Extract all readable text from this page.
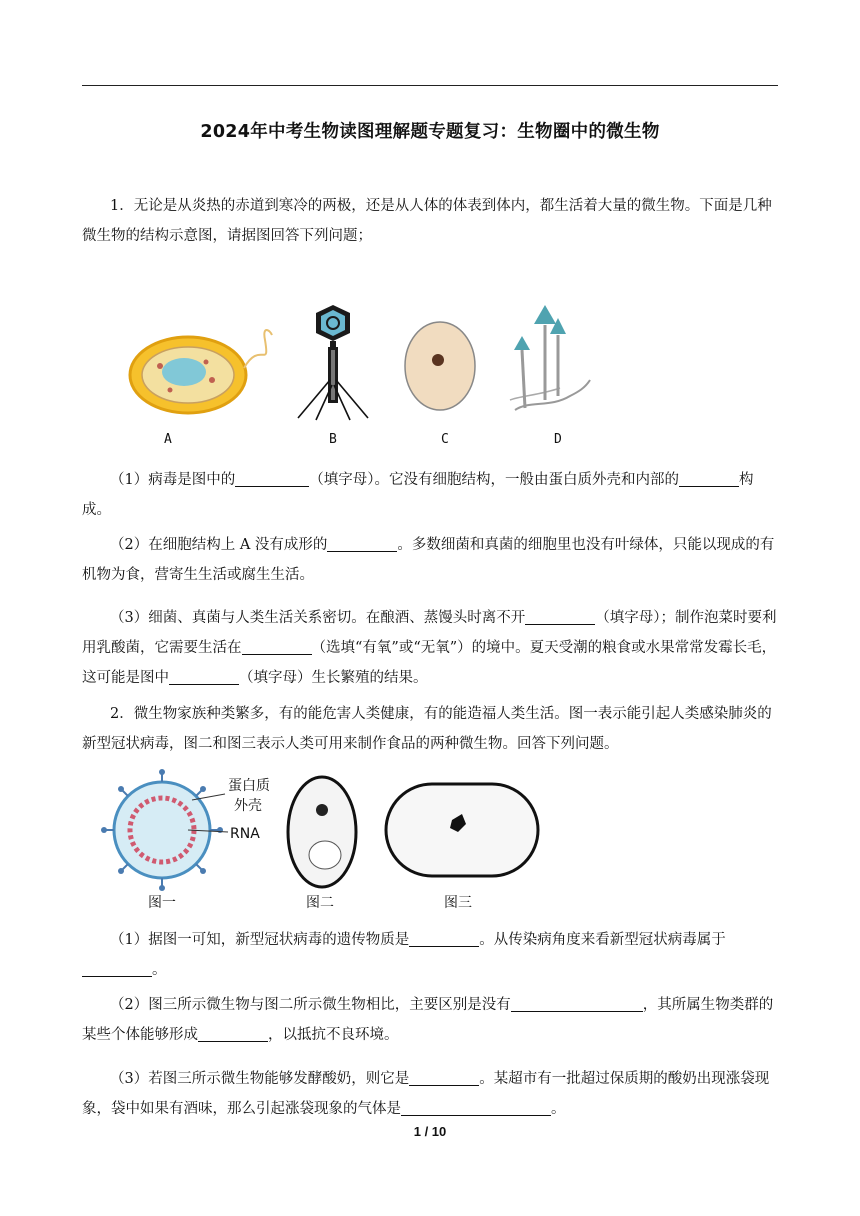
2024年中考生物读图理解题专题复习：生物圈中的微生物

1．无论是从炎热的赤道到寒冷的两极，还是从人体的体表到体内，都生活着大量的微生物。下面是几种微生物的结构示意图，请据图回答下列问题；

A	B	C	D

（1）病毒是图中的	（填字母）。它没有细胞结构，一般由蛋白质外壳和内部的	构成。

（2）在细胞结构上 A 没有成形的	。多数细菌和真菌的细胞里也没有叶绿体，只能以现成的有机物为食，营寄生生活或腐生生活。

（3）细菌、真菌与人类生活关系密切。在酿酒、蒸馒头时离不开	（填字母）；制作泡菜时要利用乳酸菌，它需要生活在	（选填“有氧”或“无氧”）的境中。夏天受潮的粮食或水果常常发霉长毛，这可能是图中	（填字母）生长繁殖的结果。

2．微生物家族种类繁多，有的能危害人类健康，有的能造福人类生活。图一表示能引起人类感染肺炎的新型冠状病毒，图二和图三表示人类可用来制作食品的两种微生物。回答下列问题。

蛋白质
外壳
RNA
图一	图二	图三

（1）据图一可知，新型冠状病毒的遗传物质是	。从传染病角度来看新型冠状病毒属于。

（2）图三所示微生物与图二所示微生物相比，主要区别是没有	，其所属生物类群的某些个体能够形成	，以抵抗不良环境。

（3）若图三所示微生物能够发酵酸奶，则它是	。某超市有一批超过保质期的酸奶出现涨袋现象，袋中如果有酒味，那么引起涨袋现象的气体是	。

1 / 10
